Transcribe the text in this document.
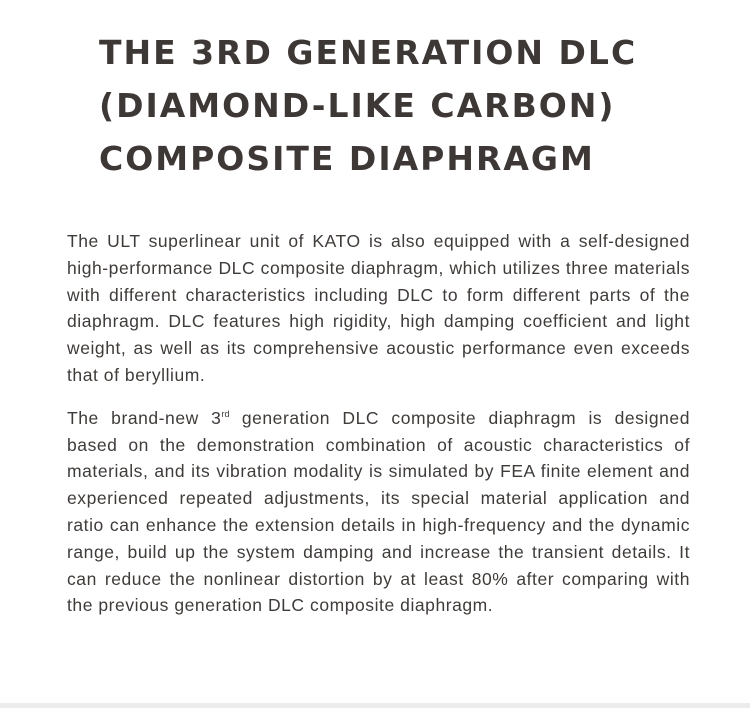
THE 3RD GENERATION DLC
(DIAMOND-LIKE CARBON)
COMPOSITE DIAPHRAGM

The ULT superlinear unit of KATO is also equipped with a self-designed high-performance DLC composite diaphragm, which utilizes three materials with different characteristics including DLC to form different parts of the diaphragm. DLC features high rigidity, high damping coefficient and light weight, as well as its comprehensive acoustic performance even exceeds that of beryllium.

The brand-new 3rd generation DLC composite diaphragm is designed based on the demonstration combination of acoustic characteristics of materials, and its vibration modality is simulated by FEA finite element and experienced repeated adjustments, its special material application and ratio can enhance the extension details in high-frequency and the dynamic range, build up the system damping and increase the transient details. It can reduce the nonlinear distortion by at least 80% after comparing with the previous generation DLC composite diaphragm.
